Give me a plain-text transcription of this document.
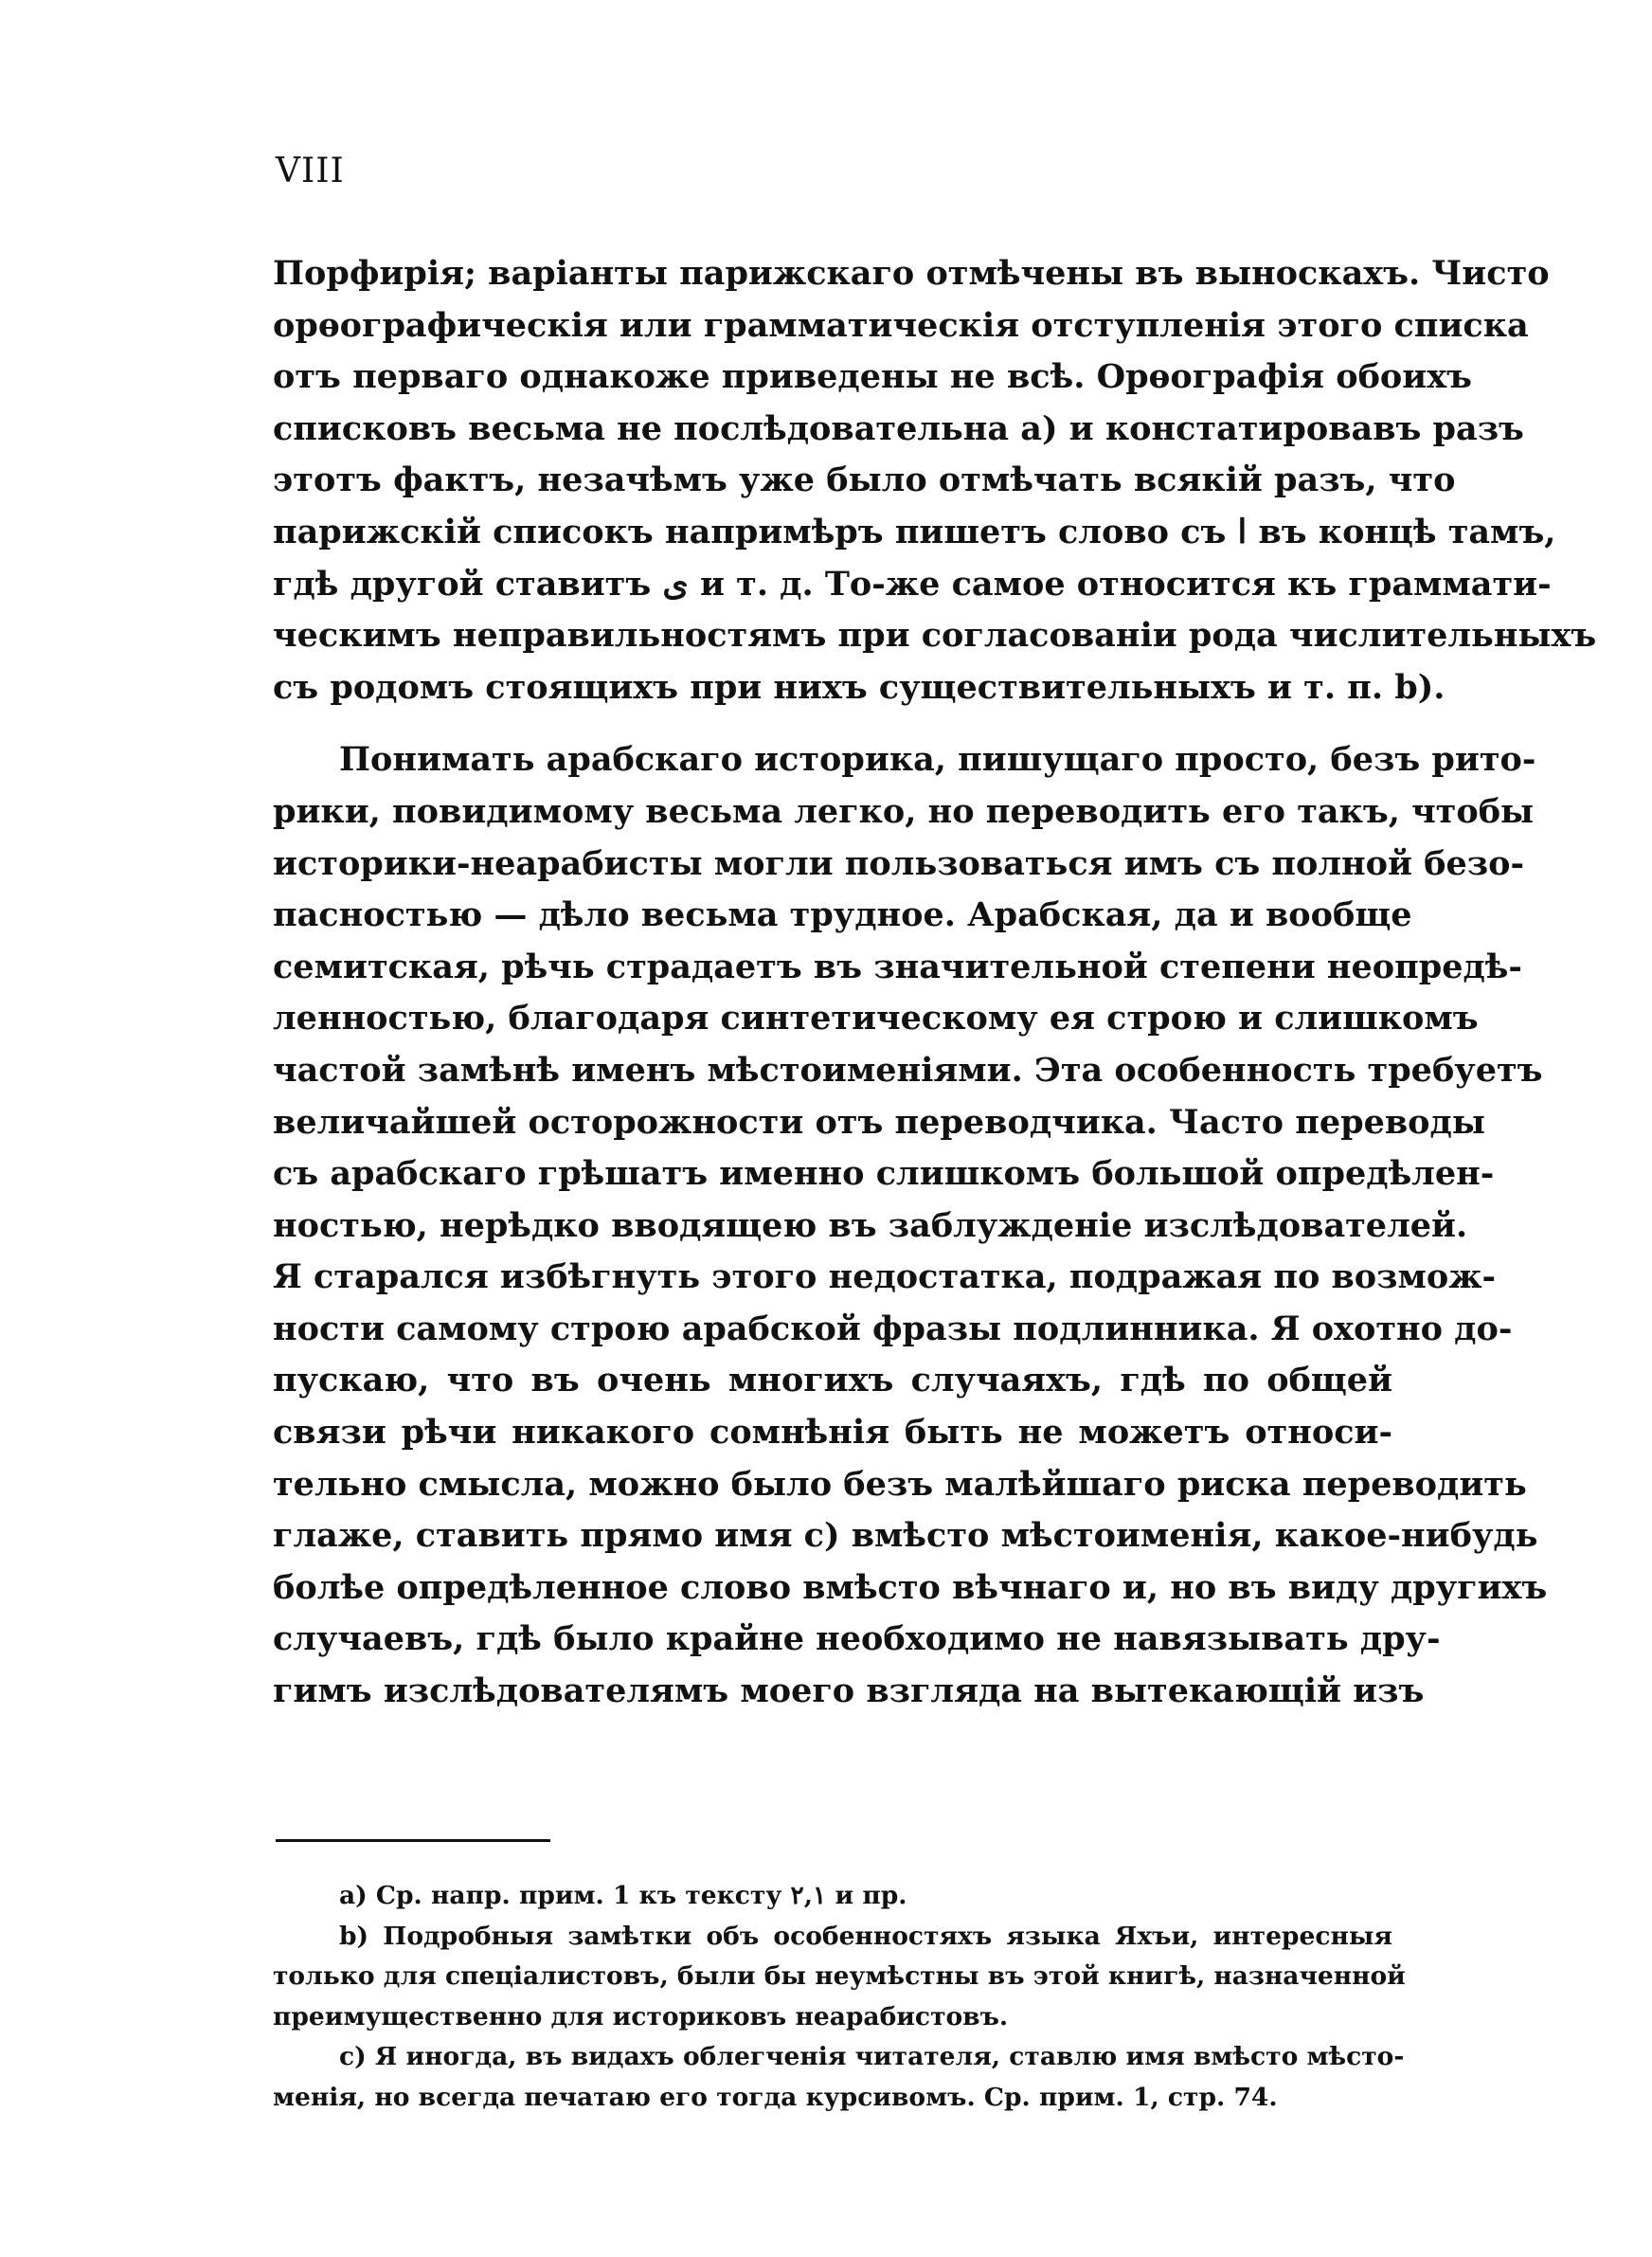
VIII
Порфирія; варіанты парижскаго отмѣчены въ выноскахъ. Чисто
орѳографическія или грамматическія отступленія этого списка
отъ перваго однакоже приведены не всѣ. Орѳографія обоихъ
списковъ весьма не послѣдовательна a) и констатировавъ разъ
этотъ фактъ, незачѣмъ уже было отмѣчать всякій разъ, что
парижскій списокъ напримѣръ пишетъ слово съ ا въ концѣ тамъ,
гдѣ другой ставитъ ى и т. д. То-же самое относится къ граммати-
ческимъ неправильностямъ при согласованіи рода числительныхъ
съ родомъ стоящихъ при нихъ существительныхъ и т. п. b).
Понимать арабскаго историка, пишущаго просто, безъ рито-
рики, повидимому весьма легко, но переводить его такъ, чтобы
историки-неарабисты могли пользоваться имъ съ полной безо-
пасностью — дѣло весьма трудное. Арабская, да и вообще
семитская, рѣчь страдаетъ въ значительной степени неопредѣ-
ленностью, благодаря синтетическому ея строю и слишкомъ
частой замѣнѣ именъ мѣстоименіями. Эта особенность требуетъ
величайшей осторожности отъ переводчика. Часто переводы
съ арабскаго грѣшатъ именно слишкомъ большой опредѣлен-
ностью, нерѣдко вводящею въ заблужденіе изслѣдователей.
Я старался избѣгнуть этого недостатка, подражая по возмож-
ности самому строю арабской фразы подлинника. Я охотно до-
пускаю, что въ очень многихъ случаяхъ, гдѣ по общей
связи рѣчи никакого сомнѣнія быть не можетъ относи-
тельно смысла, можно было безъ малѣйшаго риска переводить
глаже, ставить прямо имя c) вмѣсто мѣстоименія, какое-нибудь
болѣе опредѣленное слово вмѣсто вѣчнаго и, но въ виду другихъ
случаевъ, гдѣ было крайне необходимо не навязывать дру-
гимъ изслѣдователямъ моего взгляда на вытекающій изъ
a) Ср. напр. прим. 1 къ тексту ٢,١ и пр.
b) Подробныя замѣтки объ особенностяхъ языка Яхъи, интересныя
только для спеціалистовъ, были бы неумѣстны въ этой книгѣ, назначенной
преимущественно для историковъ неарабистовъ.
c) Я иногда, въ видахъ облегченія читателя, ставлю имя вмѣсто мѣсто-
менія, но всегда печатаю его тогда курсивомъ. Ср. прим. 1, стр. 74.
